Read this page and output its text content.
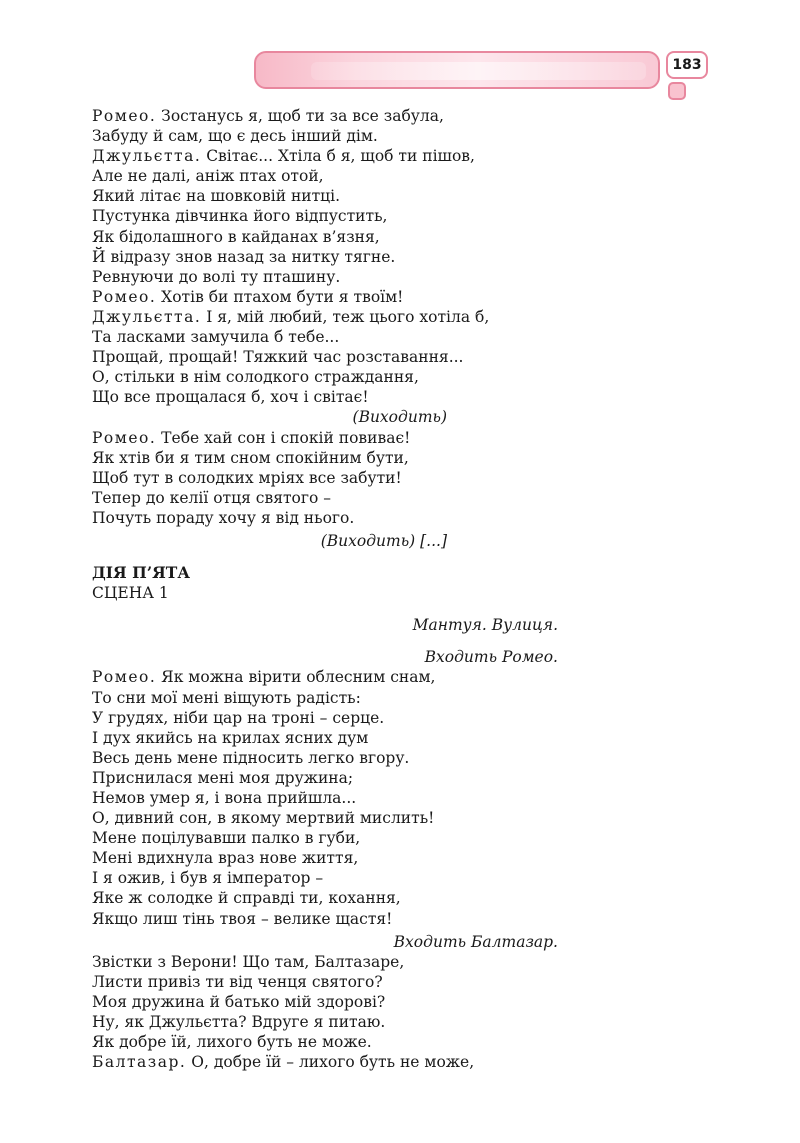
183
Ромео. Зостанусь я, щоб ти за все забула,
Забуду й сам, що є десь інший дім.
Джульєтта. Світає... Хтіла б я, щоб ти пішов,
Але не далі, аніж птах отой,
Який літає на шовковій нитці.
Пустунка дівчинка його відпустить,
Як бідолашного в кайданах в’язня,
Й відразу знов назад за нитку тягне.
Ревнуючи до волі ту пташину.
Ромео. Хотів би птахом бути я твоїм!
Джульєтта. І я, мій любий, теж цього хотіла б,
Та ласками замучила б тебе...
Прощай, прощай! Тяжкий час розставання...
О, стільки в нім солодкого страждання,
Що все прощалася б, хоч і світає!
(Виходить)
Ромео. Тебе хай сон і спокій повиває!
Як хтів би я тим сном спокійним бути,
Щоб тут в солодких мріях все забути!
Тепер до келії отця святого –
Почуть пораду хочу я від нього.
(Виходить) [...]
ДІЯ П’ЯТА
СЦЕНА 1
Мантуя. Вулиця.
Входить Ромео.
Ромео. Як можна вірити облесним снам,
То сни мої мені віщують радість:
У грудях, ніби цар на троні – серце.
І дух якийсь на крилах ясних дум
Весь день мене підносить легко вгору.
Приснилася мені моя дружина;
Немов умер я, і вона прийшла...
О, дивний сон, в якому мертвий мислить!
Мене поцілувавши палко в губи,
Мені вдихнула враз нове життя,
І я ожив, і був я імператор –
Яке ж солодке й справді ти, кохання,
Якщо лиш тінь твоя – велике щастя!
Входить Балтазар.
Звістки з Верони! Що там, Балтазаре,
Листи привіз ти від ченця святого?
Моя дружина й батько мій здорові?
Ну, як Джульєтта? Вдруге я питаю.
Як добре їй, лихого буть не може.
Балтазар. О, добре їй – лихого буть не може,
